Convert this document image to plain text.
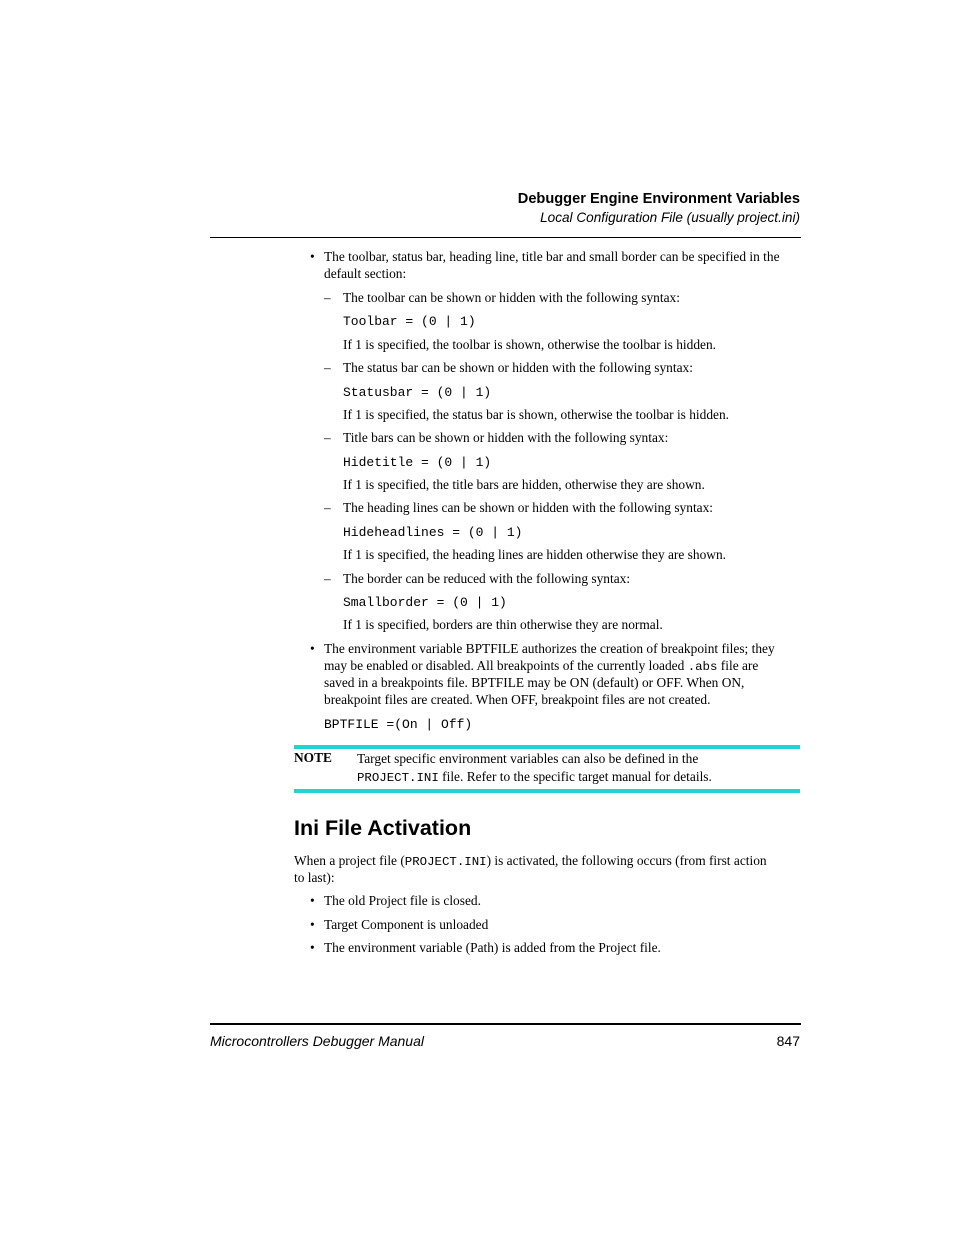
Debugger Engine Environment Variables
Local Configuration File (usually project.ini)
• The toolbar, status bar, heading line, title bar and small border can be specified in the
default section:
– The toolbar can be shown or hidden with the following syntax:
Toolbar = (0 | 1)
If 1 is specified, the toolbar is shown, otherwise the toolbar is hidden.
– The status bar can be shown or hidden with the following syntax:
Statusbar = (0 | 1)
If 1 is specified, the status bar is shown, otherwise the toolbar is hidden.
– Title bars can be shown or hidden with the following syntax:
Hidetitle = (0 | 1)
If 1 is specified, the title bars are hidden, otherwise they are shown.
– The heading lines can be shown or hidden with the following syntax:
Hideheadlines = (0 | 1)
If 1 is specified, the heading lines are hidden otherwise they are shown.
– The border can be reduced with the following syntax:
Smallborder = (0 | 1)
If 1 is specified, borders are thin otherwise they are normal.
• The environment variable BPTFILE authorizes the creation of breakpoint files; they
may be enabled or disabled. All breakpoints of the currently loaded .abs file are
saved in a breakpoints file. BPTFILE may be ON (default) or OFF. When ON,
breakpoint files are created. When OFF, breakpoint files are not created.
BPTFILE =(On | Off)
NOTE Target specific environment variables can also be defined in the
PROJECT.INI file. Refer to the specific target manual for details.
Ini File Activation
When a project file (PROJECT.INI) is activated, the following occurs (from first action
to last):
• The old Project file is closed.
• Target Component is unloaded
• The environment variable (Path) is added from the Project file.
Microcontrollers Debugger Manual	847
